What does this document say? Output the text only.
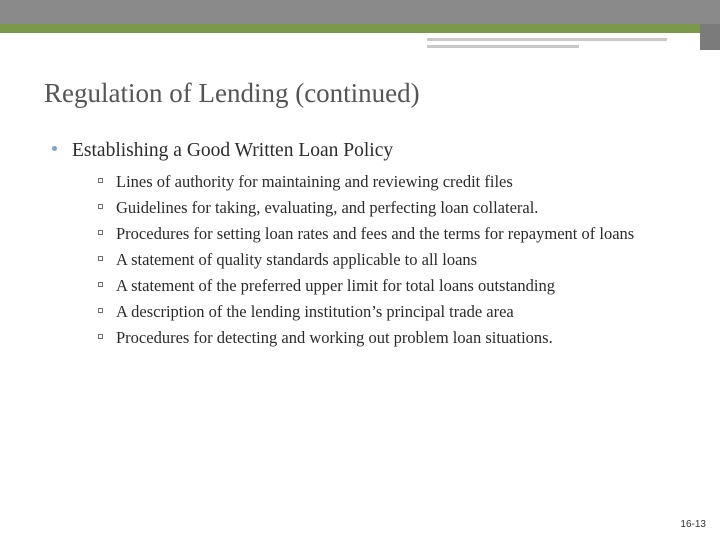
Regulation of Lending (continued)
Establishing a Good Written Loan Policy
Lines of authority for maintaining and reviewing credit files
Guidelines for taking, evaluating, and perfecting loan collateral.
Procedures for setting loan rates and fees and the terms for repayment of loans
A statement of quality standards applicable to all loans
A statement of the preferred upper limit for total loans outstanding
A description of the lending institution’s principal trade area
Procedures for detecting and working out problem loan situations.
16-13
